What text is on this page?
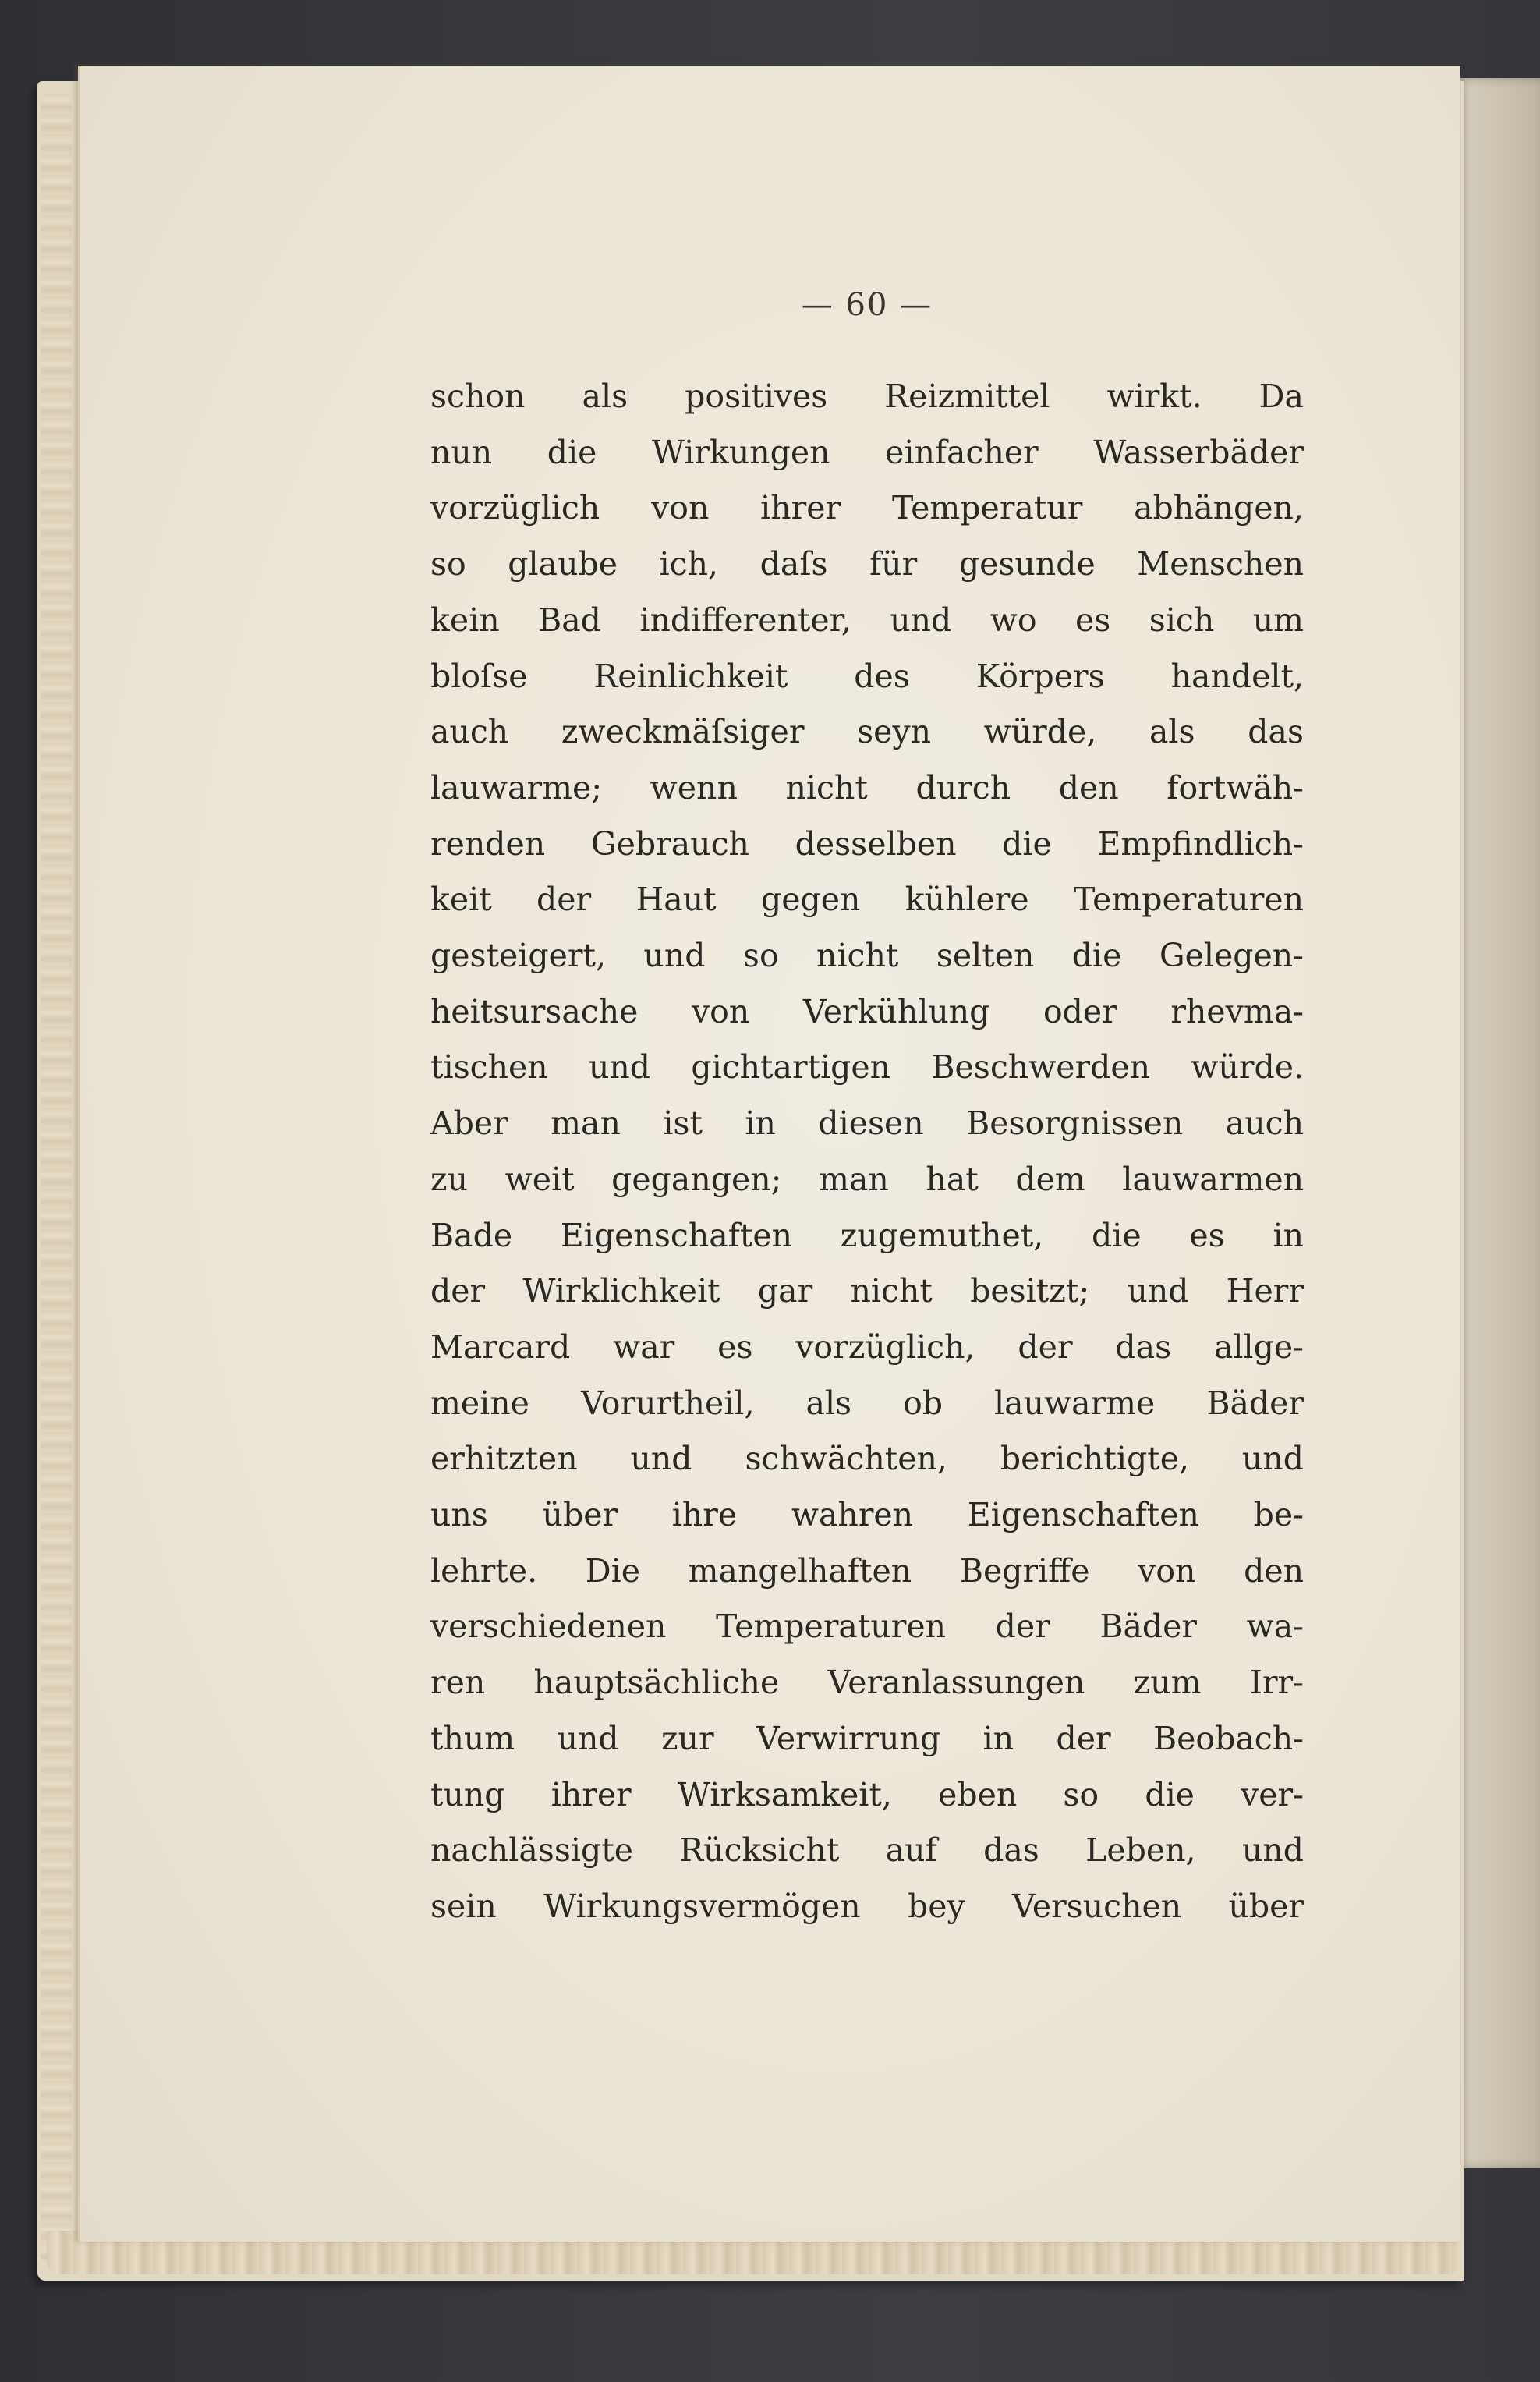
— 60 —
schon als positives Reizmittel wirkt. Da
nun die Wirkungen einfacher Wasserbäder
vorzüglich von ihrer Temperatur abhängen,
so glaube ich, daſs für gesunde Menschen
kein Bad indifferenter, und wo es sich um
bloſse Reinlichkeit des Körpers handelt,
auch zweckmäſsiger seyn würde, als das
lauwarme; wenn nicht durch den fortwäh-
renden Gebrauch desselben die Empfindlich-
keit der Haut gegen kühlere Temperaturen
gesteigert, und so nicht selten die Gelegen-
heitsursache von Verkühlung oder rhevma-
tischen und gichtartigen Beschwerden würde.
Aber man ist in diesen Besorgnissen auch
zu weit gegangen; man hat dem lauwarmen
Bade Eigenschaften zugemuthet, die es in
der Wirklichkeit gar nicht besitzt; und Herr
Marcard war es vorzüglich, der das allge-
meine Vorurtheil, als ob lauwarme Bäder
erhitzten und schwächten, berichtigte, und
uns über ihre wahren Eigenschaften be-
lehrte. Die mangelhaften Begriffe von den
verschiedenen Temperaturen der Bäder wa-
ren hauptsächliche Veranlassungen zum Irr-
thum und zur Verwirrung in der Beobach-
tung ihrer Wirksamkeit, eben so die ver-
nachlässigte Rücksicht auf das Leben, und
sein Wirkungsvermögen bey Versuchen über
